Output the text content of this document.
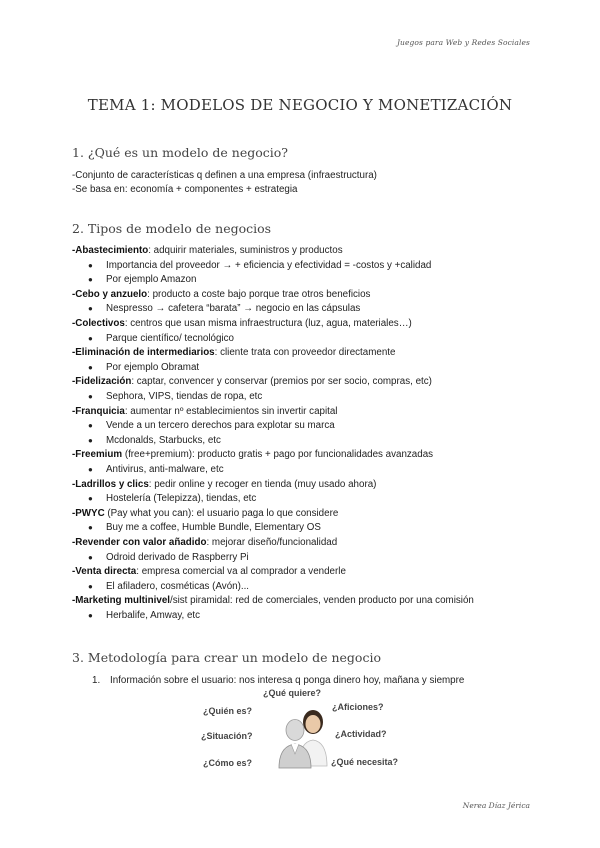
Juegos para Web y Redes Sociales
TEMA 1: MODELOS DE NEGOCIO Y MONETIZACIÓN
1. ¿Qué es un modelo de negocio?
-Conjunto de características q definen a una empresa (infraestructura)
-Se basa en: economía + componentes + estrategia
2. Tipos de modelo de negocios
-Abastecimiento: adquirir materiales, suministros y productos
● Importancia del proveedor → + eficiencia y efectividad = -costos y +calidad
● Por ejemplo Amazon
-Cebo y anzuelo: producto a coste bajo porque trae otros beneficios
● Nespresso → cafetera “barata” → negocio en las cápsulas
-Colectivos: centros que usan misma infraestructura (luz, agua, materiales…)
● Parque científico/ tecnológico
-Eliminación de intermediarios: cliente trata con proveedor directamente
● Por ejemplo Obramat
-Fidelización: captar, convencer y conservar (premios por ser socio, compras, etc)
● Sephora, VIPS, tiendas de ropa, etc
-Franquicia: aumentar nº establecimientos sin invertir capital
● Vende a un tercero derechos para explotar su marca
● Mcdonalds, Starbucks, etc
-Freemium (free+premium): producto gratis + pago por funcionalidades avanzadas
● Antivirus, anti-malware, etc
-Ladrillos y clics: pedir online y recoger en tienda (muy usado ahora)
● Hostelería (Telepizza), tiendas, etc
-PWYC (Pay what you can): el usuario paga lo que considere
● Buy me a coffee, Humble Bundle, Elementary OS
-Revender con valor añadido: mejorar diseño/funcionalidad
● Odroid derivado de Raspberry Pi
-Venta directa: empresa comercial va al comprador a venderle
● El afiladero, cosméticas (Avón)...
-Marketing multinivel/sist piramidal: red de comerciales, venden producto por una comisión
● Herbalife, Amway, etc
3. Metodología para crear un modelo de negocio
1. Información sobre el usuario: nos interesa q ponga dinero hoy, mañana y siempre
¿Qué quiere?
¿Quién es?	¿Aficiones?
¿Situación?	¿Actividad?
¿Cómo es?	¿Qué necesita?
Nerea Díaz Jérica
